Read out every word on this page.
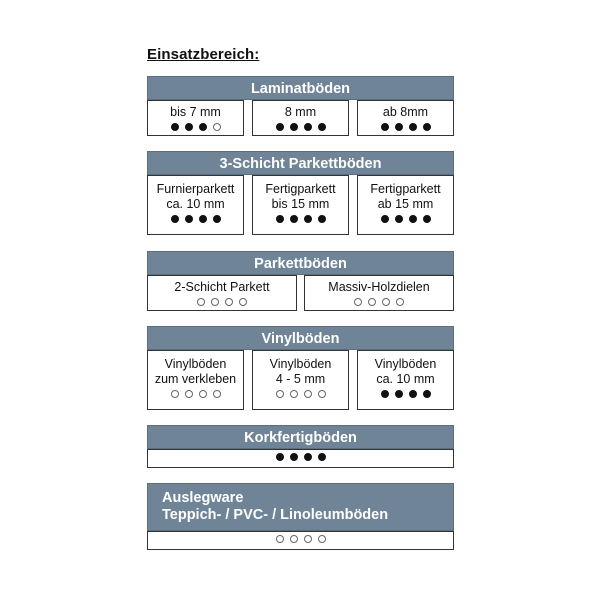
Einsatzbereich:
Laminatböden
bis 7 mm	8 mm	ab 8mm
3-Schicht Parkettböden
Furnierparkett
ca. 10 mm
Fertigparkett
bis 15 mm
Fertigparkett
ab 15 mm
Parkettböden
2-Schicht Parkett	Massiv-Holzdielen
Vinylböden
Vinylböden
zum verkleben
Vinylböden
4 - 5 mm
Vinylböden
ca. 10 mm
Korkfertigböden
Auslegware
Teppich- / PVC- / Linoleumböden
